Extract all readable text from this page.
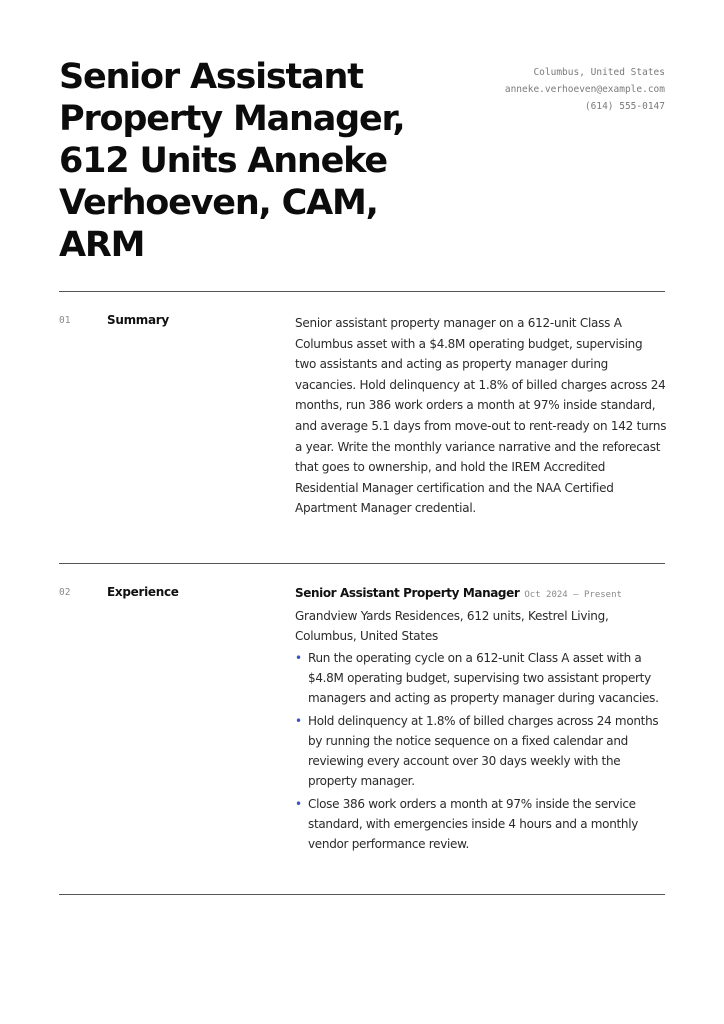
Senior Assistant Property Manager, 612 Units Anneke Verhoeven, CAM, ARM
Columbus, United States
anneke.verhoeven@example.com
(614) 555-0147
01	Summary	Senior assistant property manager on a 612-unit Class A Columbus asset with a $4.8M operating budget, supervising two assistants and acting as property manager during vacancies. Hold delinquency at 1.8% of billed charges across 24 months, run 386 work orders a month at 97% inside standard, and average 5.1 days from move-out to rent-ready on 142 turns a year. Write the monthly variance narrative and the reforecast that goes to ownership, and hold the IREM Accredited Residential Manager certification and the NAA Certified Apartment Manager credential.

02	Experience	Senior Assistant Property Manager Oct 2024 – Present
Grandview Yards Residences, 612 units, Kestrel Living, Columbus, United States
• Run the operating cycle on a 612-unit Class A asset with a $4.8M operating budget, supervising two assistant property managers and acting as property manager during vacancies.
• Hold delinquency at 1.8% of billed charges across 24 months by running the notice sequence on a fixed calendar and reviewing every account over 30 days weekly with the property manager.
• Close 386 work orders a month at 97% inside the service standard, with emergencies inside 4 hours and a monthly vendor performance review.
